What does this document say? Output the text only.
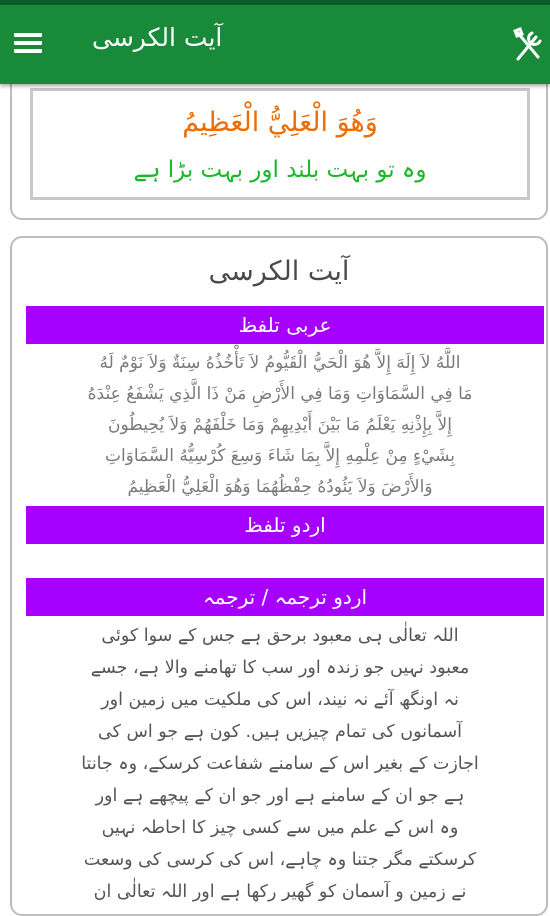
آیت الکرسی
وَهُوَ الْعَلِيُّ الْعَظِيمُ
وہ تو بہت بلند اور بہت بڑا ہے
آیت الکرسی
عربی تلفظ
اللَّهُ لاَ إِلَهَ إِلاَّ هُوَ الْحَيُّ الْقَيُّومُ لاَ تَأْخُذُهُ سِنَةٌ وَلاَ نَوْمٌ لَهُ
مَا فِي السَّمَاوَاتِ وَمَا فِي الأَرْضِ مَنْ ذَا الَّذِي يَشْفَعُ عِنْدَهُ
إِلاَّ بِإِذْنِهِ يَعْلَمُ مَا بَيْنَ أَيْدِيهِمْ وَمَا خَلْفَهُمْ وَلاَ يُحِيطُونَ
بِشَيْءٍ مِنْ عِلْمِهِ إِلاَّ بِمَا شَاءَ وَسِعَ كُرْسِيُّهُ السَّمَاوَاتِ
وَالأَرْضَ وَلاَ يَئُودُهُ حِفْظُهُمَا وَهُوَ الْعَلِيُّ الْعَظِيمُ
اردو تلفظ
اردو ترجمہ / ترجمہ
اللہ تعالٰی ہی معبود برحق ہے جس کے سوا کوئی
معبود نہیں جو زندہ اور سب کا تھامنے والا ہے، جسے
نہ اونگھ آئے نہ نیند، اس کی ملکیت میں زمین اور
آسمانوں کی تمام چیزیں ہیں. کون ہے جو اس کی
اجازت کے بغیر اس کے سامنے شفاعت کرسکے، وہ جانتا
ہے جو ان کے سامنے ہے اور جو ان کے پیچھے ہے اور
وہ اس کے علم میں سے کسی چیز کا احاطہ نہیں
کرسکتے مگر جتنا وہ چاہے، اس کی کرسی کی وسعت
نے زمین و آسمان کو گھیر رکھا ہے اور اللہ تعالٰی ان
